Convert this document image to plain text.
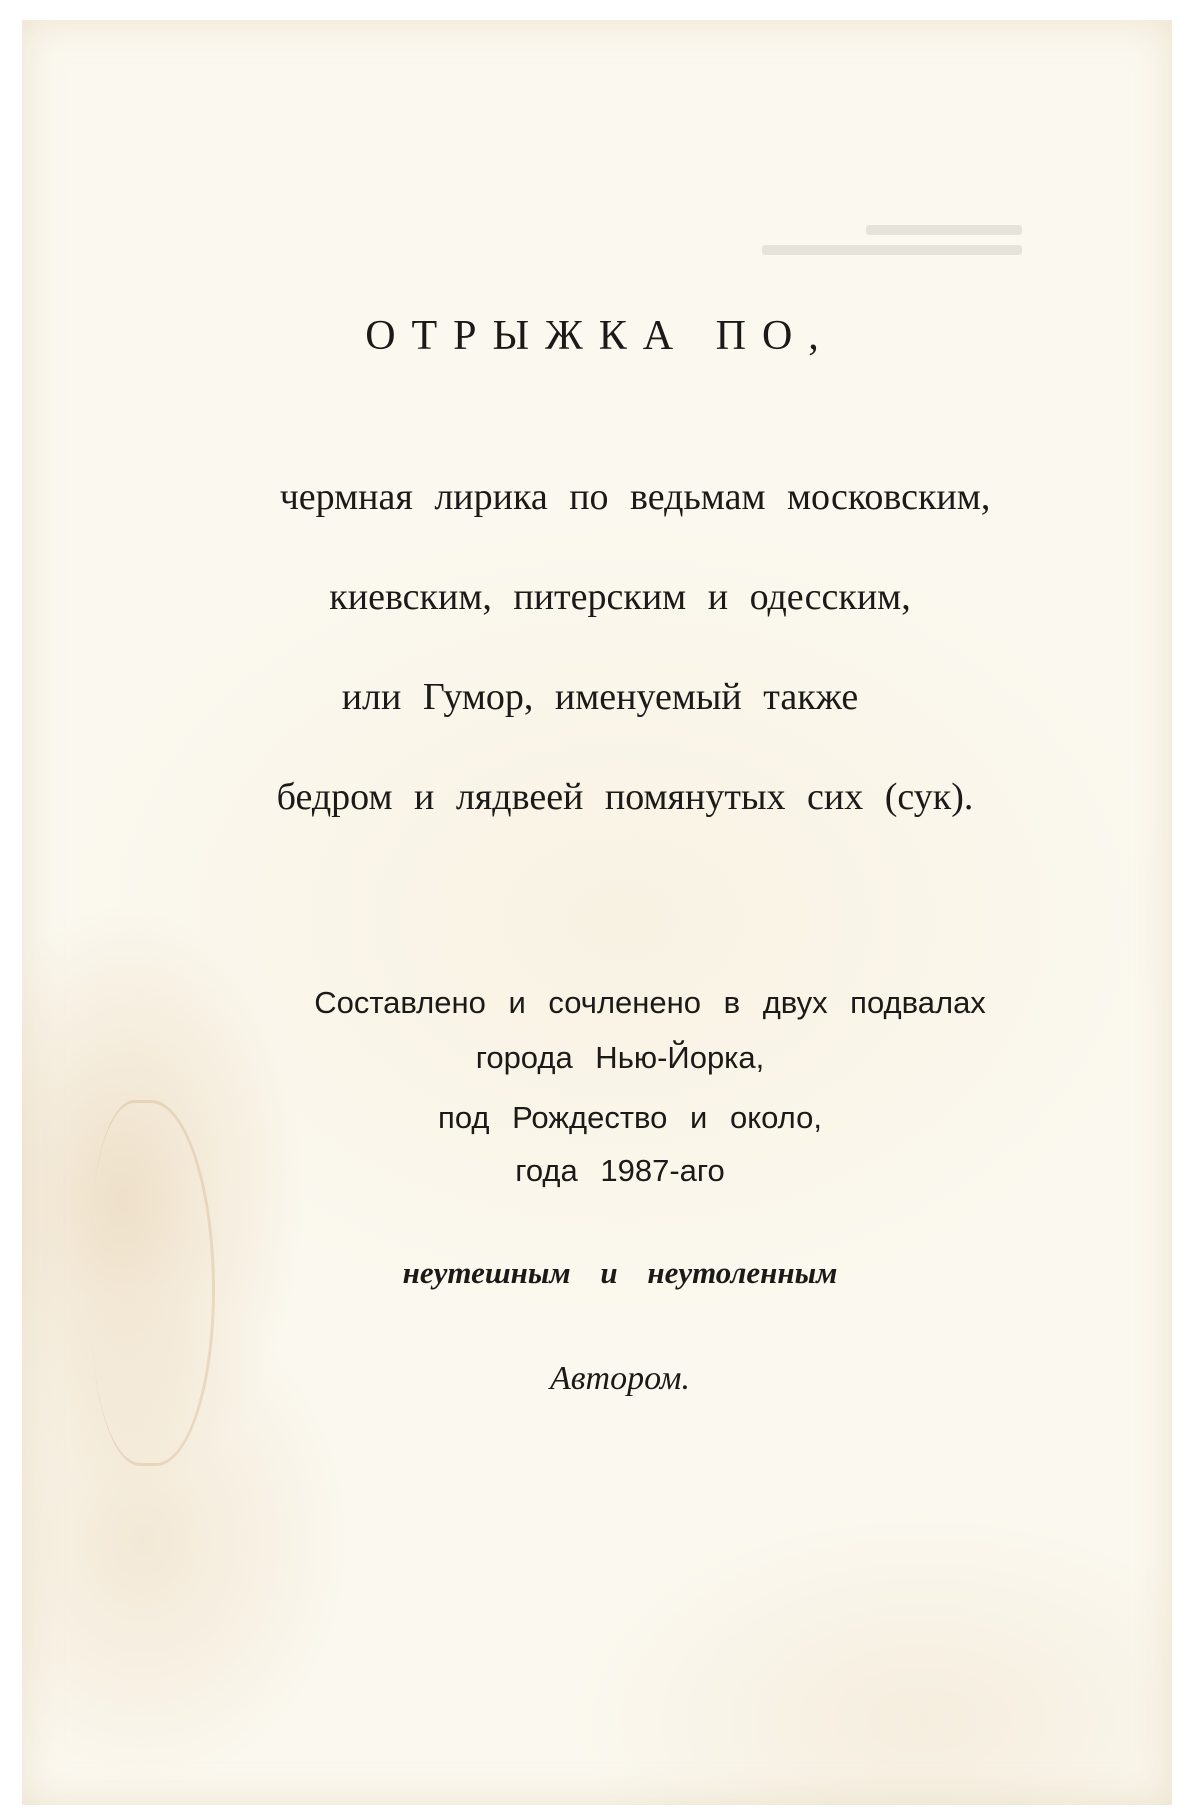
ОТРЫЖКА ПО,
чермная лирика по ведьмам московским,
киевским, питерским и одесским,
или Гумор, именуемый также
бедром и лядвеей помянутых сих (сук).
Составлено и сочленено в двух подвалах
города Нью-Йорка,
под Рождество и около,
года 1987-аго
неутешным и неутоленным
Автором.
